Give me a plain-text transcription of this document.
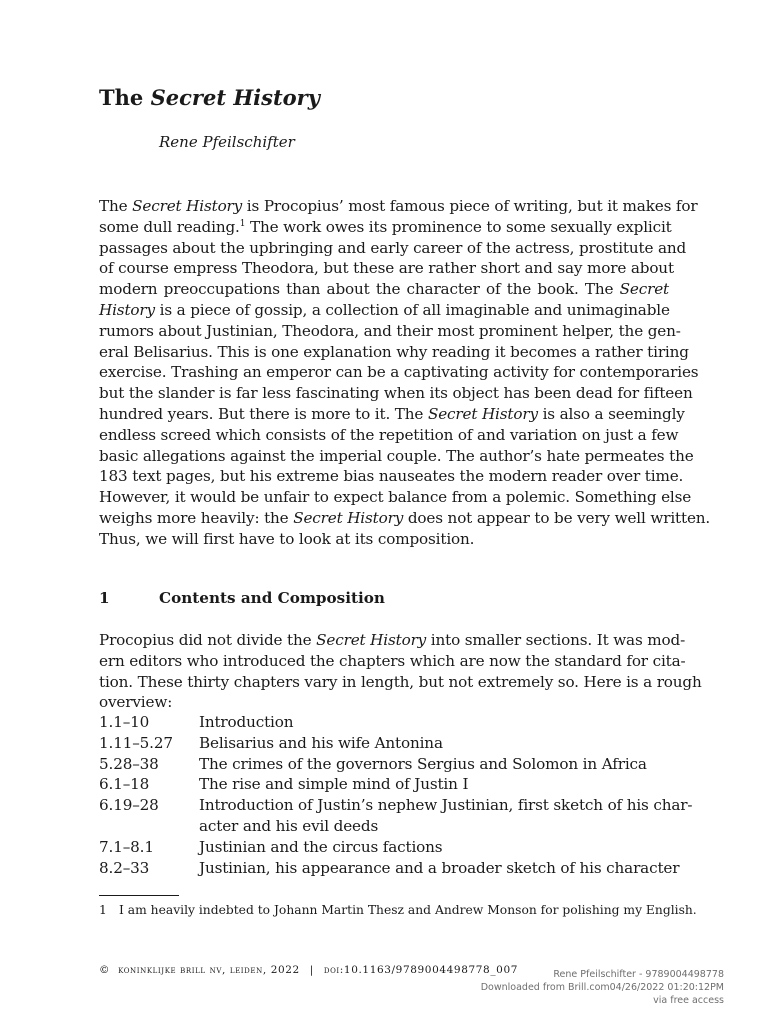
The Secret History
Rene Pfeilschifter
The Secret History is Procopius’ most famous piece of writing, but it makes for
some dull reading.$^1$ The work owes its prominence to some sexually explicit
passages about the upbringing and early career of the actress, prostitute and
of course empress Theodora, but these are rather short and say more about
modern preoccupations than about the character of the book. The Secret
History is a piece of gossip, a collection of all imaginable and unimaginable
rumors about Justinian, Theodora, and their most prominent helper, the gen-
eral Belisarius. This is one explanation why reading it becomes a rather tiring
exercise. Trashing an emperor can be a captivating activity for contemporaries
but the slander is far less fascinating when its object has been dead for fifteen
hundred years. But there is more to it. The Secret History is also a seemingly
endless screed which consists of the repetition of and variation on just a few
basic allegations against the imperial couple. The author’s hate permeates the
183 text pages, but his extreme bias nauseates the modern reader over time.
However, it would be unfair to expect balance from a polemic. Something else
weighs more heavily: the Secret History does not appear to be very well written.
Thus, we will first have to look at its composition.
1	Contents and Composition
Procopius did not divide the Secret History into smaller sections. It was mod-
ern editors who introduced the chapters which are now the standard for cita-
tion. These thirty chapters vary in length, but not extremely so. Here is a rough
overview:
1.1–10	Introduction
1.11–5.27 Belisarius and his wife Antonina
5.28–38	The crimes of the governors Sergius and Solomon in Africa
6.1–18	The rise and simple mind of Justin I
6.19–28	Introduction of Justin’s nephew Justinian, first sketch of his char-
acter and his evil deeds
7.1–8.1	Justinian and the circus factions
8.2–33	Justinian, his appearance and a broader sketch of his character
1 I am heavily indebted to Johann Martin Thesz and Andrew Monson for polishing my English.
© koninklijke brill nv, leiden, 2022 | doi:10.1163/9789004498778_007	Rene Pfeilschifter - 9789004498778
Downloaded from Brill.com04/26/2022 01:20:12PM
via free access
